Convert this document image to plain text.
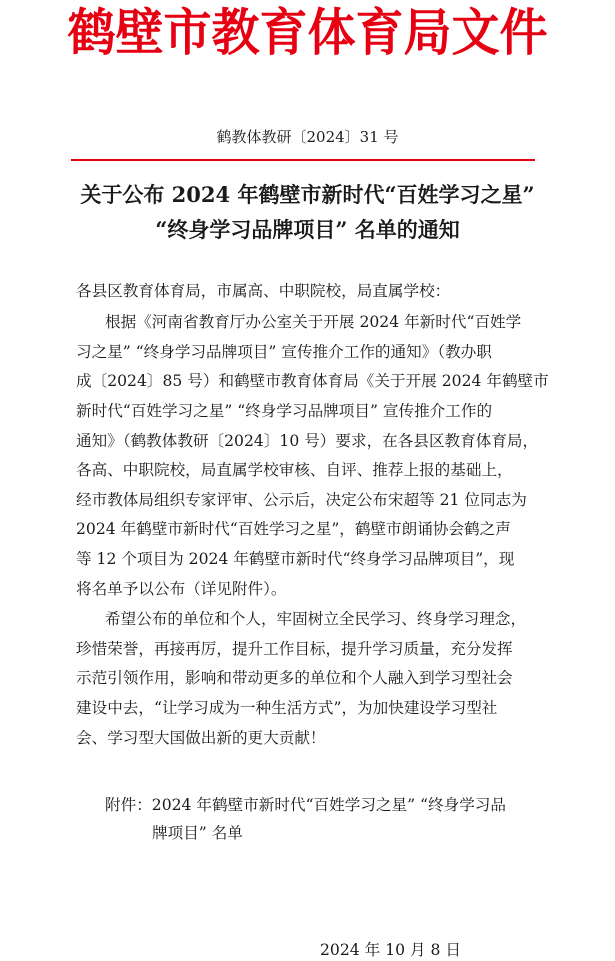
鹤壁市教育体育局文件
鹤教体教研〔2024〕31 号
关于公布 2024 年鹤壁市新时代“百姓学习之星”
“终身学习品牌项目” 名单的通知
各县区教育体育局，市属高、中职院校，局直属学校：
根据《河南省教育厅办公室关于开展 2024 年新时代“百姓学
习之星” “终身学习品牌项目” 宣传推介工作的通知》（教办职
成〔2024〕85 号）和鹤壁市教育体育局《关于开展 2024 年鹤壁市
新时代“百姓学习之星” “终身学习品牌项目” 宣传推介工作的
通知》（鹤教体教研〔2024〕10 号）要求，在各县区教育体育局，
各高、中职院校，局直属学校审核、自评、推荐上报的基础上，
经市教体局组织专家评审、公示后，决定公布宋超等 21 位同志为
2024 年鹤壁市新时代“百姓学习之星”，鹤壁市朗诵协会鹤之声
等 12 个项目为 2024 年鹤壁市新时代“终身学习品牌项目”，现
将名单予以公布（详见附件）。
希望公布的单位和个人，牢固树立全民学习、终身学习理念，
珍惜荣誉，再接再厉，提升工作目标，提升学习质量，充分发挥
示范引领作用，影响和带动更多的单位和个人融入到学习型社会
建设中去，“让学习成为一种生活方式”，为加快建设学习型社
会、学习型大国做出新的更大贡献！
附件：2024 年鹤壁市新时代“百姓学习之星” “终身学习品
牌项目” 名单
2024 年 10 月 8 日
